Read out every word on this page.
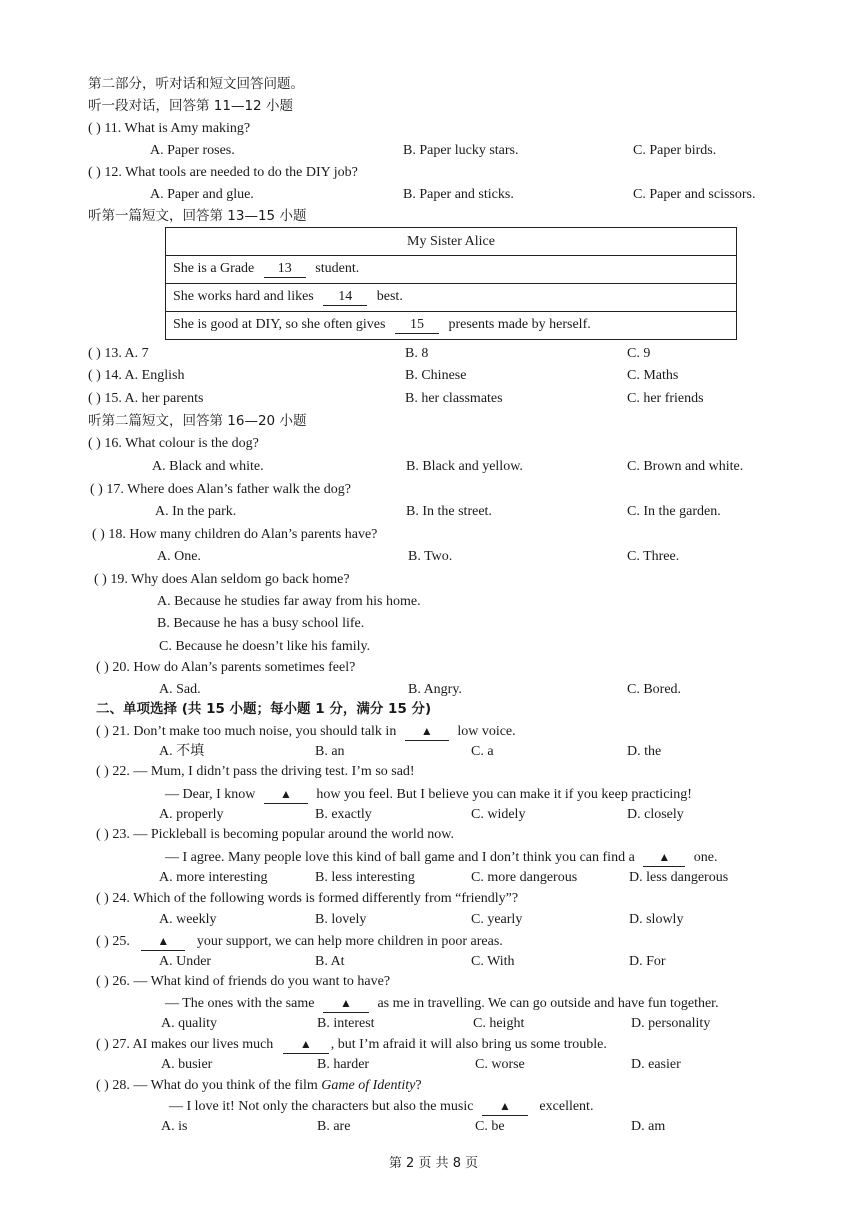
第二部分，听对话和短文回答问题。
听一段对话，回答第 11—12 小题
( ) 11. What is Amy making?
A. Paper roses.	B. Paper lucky stars.	C. Paper birds.
( ) 12. What tools are needed to do the DIY job?
A. Paper and glue.	B. Paper and sticks.	C. Paper and scissors.
听第一篇短文，回答第 13—15 小题
My Sister Alice
She is a Grade 13 student.
She works hard and likes 14 best.
She is good at DIY, so she often gives 15 presents made by herself.
( ) 13. A. 7	B. 8	C. 9
( ) 14. A. English	B. Chinese	C. Maths
( ) 15. A. her parents	B. her classmates	C. her friends
听第二篇短文，回答第 16—20 小题
( ) 16. What colour is the dog?
A. Black and white.	B. Black and yellow.	C. Brown and white.
( ) 17. Where does Alan’s father walk the dog?
A. In the park.	B. In the street.	C. In the garden.
( ) 18. How many children do Alan’s parents have?
A. One.	B. Two.	C. Three.
( ) 19. Why does Alan seldom go back home?
A. Because he studies far away from his home.
B. Because he has a busy school life.
C. Because he doesn’t like his family.
( ) 20. How do Alan’s parents sometimes feel?
A. Sad.	B. Angry.	C. Bored.
二、单项选择 (共 15 小题；每小题 1 分，满分 15 分)
( ) 21. Don’t make too much noise, you should talk in ▲ low voice.
A. 不填	B. an	C. a	D. the
( ) 22. — Mum, I didn’t pass the driving test. I’m so sad!
— Dear, I know ▲ how you feel. But I believe you can make it if you keep practicing!
A. properly	B. exactly	C. widely	D. closely
( ) 23. — Pickleball is becoming popular around the world now.
— I agree. Many people love this kind of ball game and I don’t think you can find a ▲ one.
A. more interesting	B. less interesting	C. more dangerous	D. less dangerous
( ) 24. Which of the following words is formed differently from “friendly”?
A. weekly	B. lovely	C. yearly	D. slowly
( ) 25. ▲ your support, we can help more children in poor areas.
A. Under	B. At	C. With	D. For
( ) 26. — What kind of friends do you want to have?
— The ones with the same ▲ as me in travelling. We can go outside and have fun together.
A. quality	B. interest	C. height	D. personality
( ) 27. AI makes our lives much ▲ , but I’m afraid it will also bring us some trouble.
A. busier	B. harder	C. worse	D. easier
( ) 28. — What do you think of the film Game of Identity?
— I love it! Not only the characters but also the music ▲ excellent.
A. is	B. are	C. be	D. am
第 2 页 共 8 页
